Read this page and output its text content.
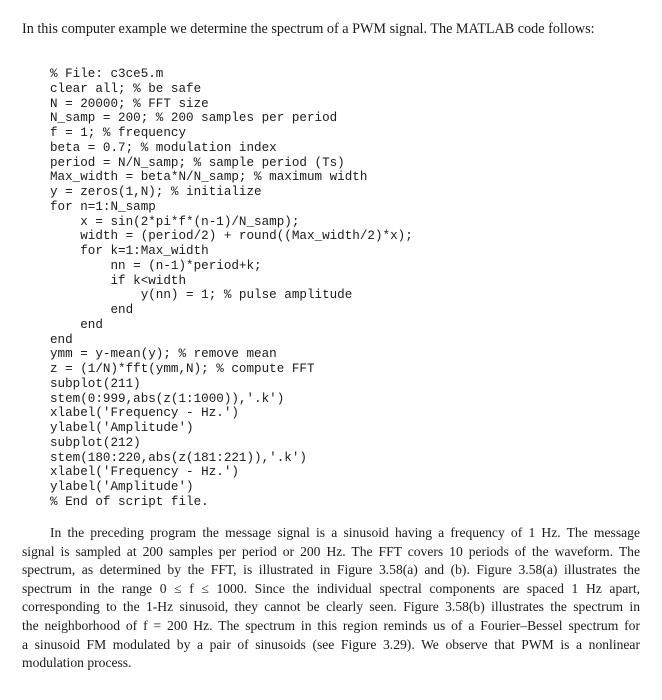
In this computer example we determine the spectrum of a PWM signal. The MATLAB code follows:

% File: c3ce5.m
clear all; % be safe
N = 20000; % FFT size
N_samp = 200; % 200 samples per period
f = 1; % frequency
beta = 0.7; % modulation index
period = N/N_samp; % sample period (Ts)
Max_width = beta*N/N_samp; % maximum width
y = zeros(1,N); % initialize
for n=1:N_samp
x = sin(2*pi*f*(n-1)/N_samp);
width = (period/2) + round((Max_width/2)*x);
for k=1:Max_width
nn = (n-1)*period+k;
if k<width
y(nn) = 1; % pulse amplitude
end
end
end
ymm = y-mean(y); % remove mean
z = (1/N)*fft(ymm,N); % compute FFT
subplot(211)
stem(0:999,abs(z(1:1000)),'.k')
xlabel('Frequency - Hz.')
ylabel('Amplitude')
subplot(212)
stem(180:220,abs(z(181:221)),'.k')
xlabel('Frequency - Hz.')
ylabel('Amplitude')
% End of script file.
In the preceding program the message signal is a sinusoid having a frequency of 1 Hz. The message
signal is sampled at 200 samples per period or 200 Hz. The FFT covers 10 periods of the waveform. The
spectrum, as determined by the FFT, is illustrated in Figure 3.58(a) and (b). Figure 3.58(a) illustrates the
spectrum in the range 0 ≤ f ≤ 1000. Since the individual spectral components are spaced 1 Hz apart,
corresponding to the 1-Hz sinusoid, they cannot be clearly seen. Figure 3.58(b) illustrates the spectrum in
the neighborhood of f = 200 Hz. The spectrum in this region reminds us of a Fourier–Bessel spectrum for
a sinusoid FM modulated by a pair of sinusoids (see Figure 3.29). We observe that PWM is a nonlinear
modulation process.
